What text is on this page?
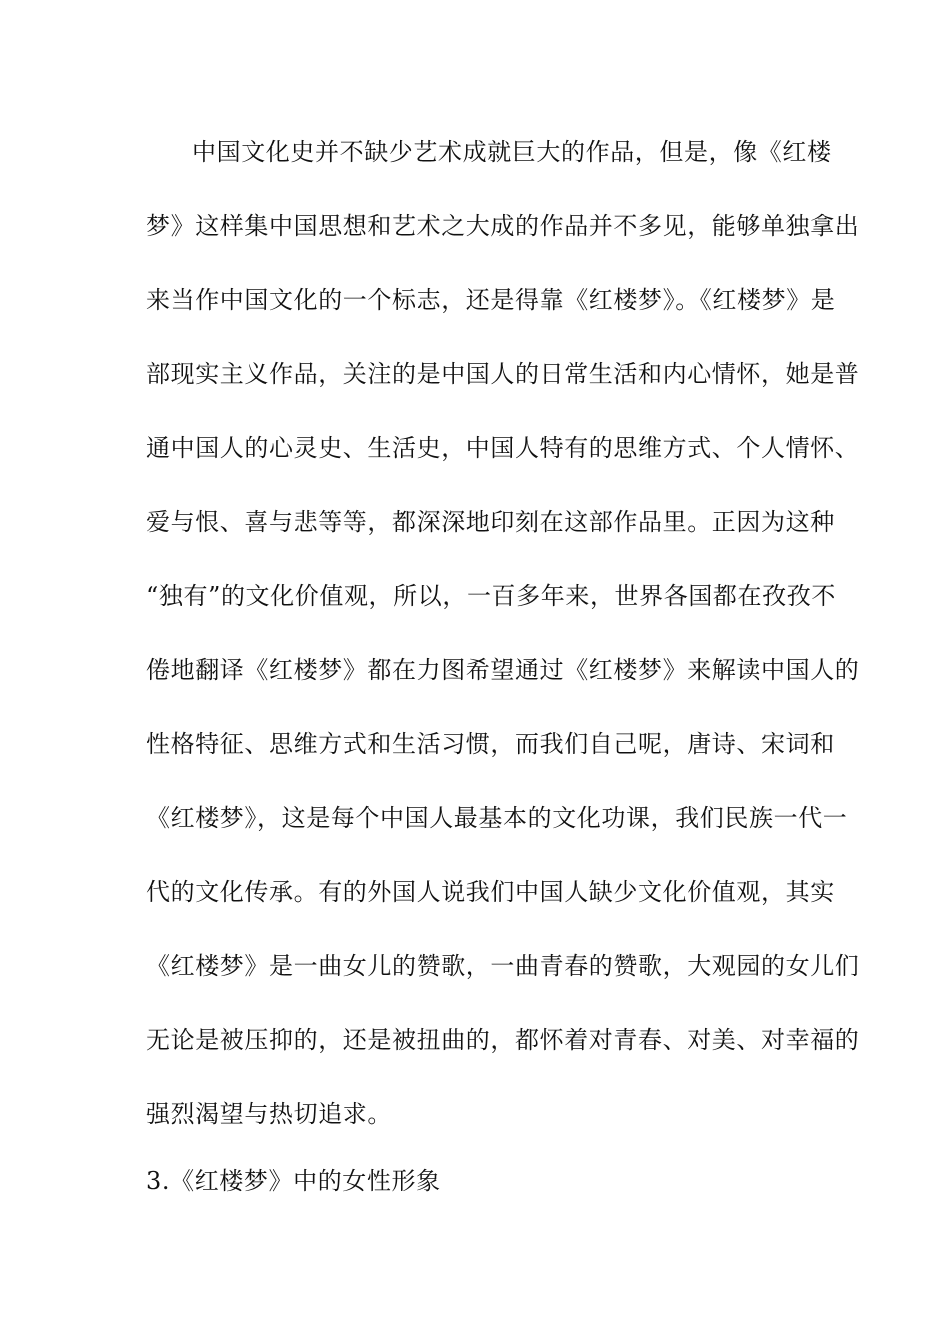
中国文化史并不缺少艺术成就巨大的作品，但是，像《红楼
梦》这样集中国思想和艺术之大成的作品并不多见，能够单独拿出
来当作中国文化的一个标志，还是得靠《红楼梦》。《红楼梦》是
部现实主义作品，关注的是中国人的日常生活和内心情怀，她是普
通中国人的心灵史、生活史，中国人特有的思维方式、个人情怀、
爱与恨、喜与悲等等，都深深地印刻在这部作品里。正因为这种
“独有”的文化价值观，所以，一百多年来，世界各国都在孜孜不
倦地翻译《红楼梦》都在力图希望通过《红楼梦》来解读中国人的
性格特征、思维方式和生活习惯，而我们自己呢，唐诗、宋词和
《红楼梦》，这是每个中国人最基本的文化功课，我们民族一代一
代的文化传承。有的外国人说我们中国人缺少文化价值观，其实
《红楼梦》是一曲女儿的赞歌，一曲青春的赞歌，大观园的女儿们
无论是被压抑的，还是被扭曲的，都怀着对青春、对美、对幸福的
强烈渴望与热切追求。
3.《红楼梦》中的女性形象
